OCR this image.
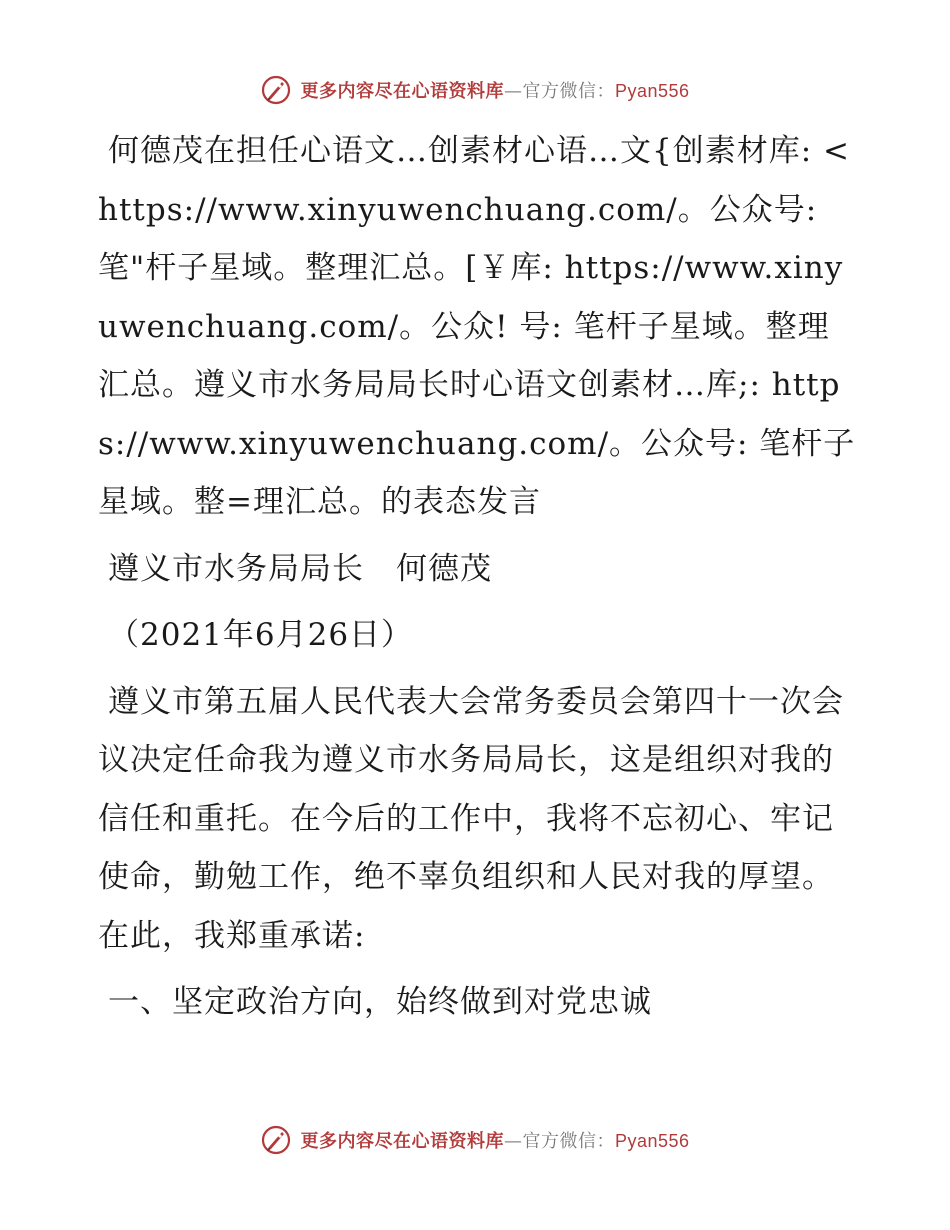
更多内容尽在心语资料库—官方微信：Pyan556

何德茂在担任心语文…创素材心语…文{创素材库: <https://www.xinyuwenchuang.com/。公众号: 笔"杆子星域。整理汇总。[￥库: https://www.xinyuwenchuang.com/。公众! 号: 笔杆子星域。整理汇总。遵义市水务局局长时心语文创素材…库;: https://www.xinyuwenchuang.com/。公众号: 笔杆子星域。整=理汇总。的表态发言

遵义市水务局局长　何德茂

（2021年6月26日）

遵义市第五届人民代表大会常务委员会第四十一次会议决定任命我为遵义市水务局局长，这是组织对我的信任和重托。在今后的工作中，我将不忘初心、牢记使命，勤勉工作，绝不辜负组织和人民对我的厚望。在此，我郑重承诺:

一、坚定政治方向，始终做到对党忠诚

更多内容尽在心语资料库—官方微信：Pyan556
